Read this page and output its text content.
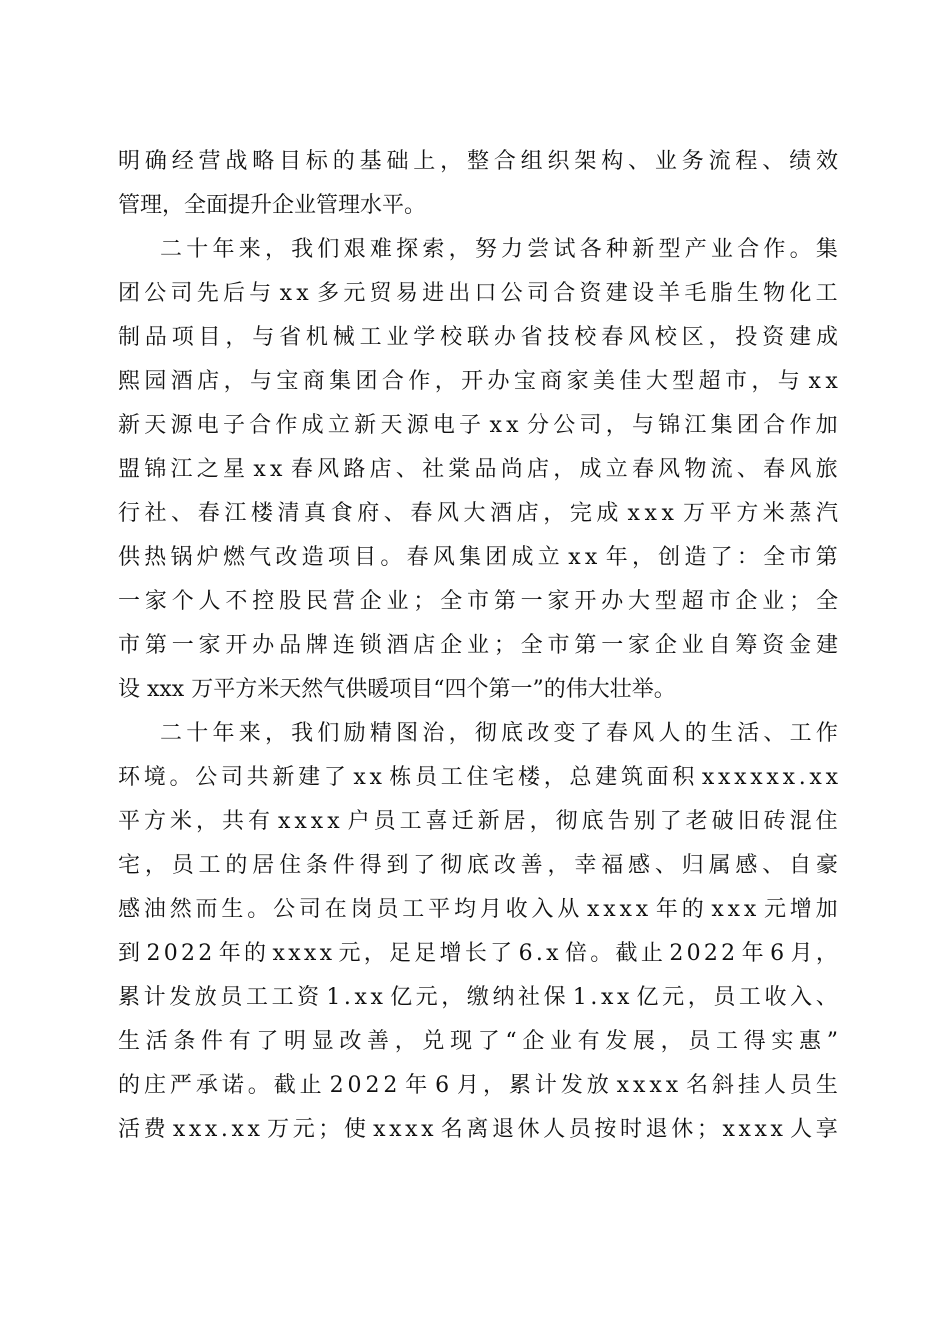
明 确 经 营 战 略 目 标 的 基 础 上 ， 整 合 组 织 架 构 、 业 务 流 程 、 绩 效
管理，全面提升企业管理水平。
二 十 年 来 ， 我 们 艰 难 探 索 ， 努 力 尝 试 各 种 新 型 产 业 合 作 。 集
团 公 司 先 后 与 x x 多 元 贸 易 进 出 口 公 司 合 资 建 设 羊 毛 脂 生 物 化 工
制 品 项 目 ， 与 省 机 械 工 业 学 校 联 办 省 技 校 春 风 校 区 ， 投 资 建 成
熙 园 酒 店 ， 与 宝 商 集 团 合 作 ， 开 办 宝 商 家 美 佳 大 型 超 市 ， 与 x x
新 天 源 电 子 合 作 成 立 新 天 源 电 子 x x 分 公 司 ， 与 锦 江 集 团 合 作 加
盟 锦 江 之 星 x x 春 风 路 店 、 社 棠 品 尚 店 ， 成 立 春 风 物 流 、 春 风 旅
行 社 、 春 江 楼 清 真 食 府 、 春 风 大 酒 店 ， 完 成 x x x 万 平 方 米 蒸 汽
供 热 锅 炉 燃 气 改 造 项 目 。 春 风 集 团 成 立 x x 年 ， 创 造 了 ： 全 市 第
一 家 个 人 不 控 股 民 营 企 业 ； 全 市 第 一 家 开 办 大 型 超 市 企 业 ； 全
市 第 一 家 开 办 品 牌 连 锁 酒 店 企 业 ； 全 市 第 一 家 企 业 自 筹 资 金 建
设 xxx 万平方米天然气供暖项目“四个第一”的伟大壮举。
二 十 年 来 ， 我 们 励 精 图 治 ， 彻 底 改 变 了 春 风 人 的 生 活 、 工 作
环 境 。 公 司 共 新 建 了 x x 栋 员 工 住 宅 楼 ， 总 建 筑 面 积 x x x x x x . x x
平 方 米 ， 共 有 x x x x 户 员 工 喜 迁 新 居 ， 彻 底 告 别 了 老 破 旧 砖 混 住
宅 ， 员 工 的 居 住 条 件 得 到 了 彻 底 改 善 ， 幸 福 感 、 归 属 感 、 自 豪
感 油 然 而 生 。 公 司 在 岗 员 工 平 均 月 收 入 从 x x x x 年 的 x x x 元 增 加
到 2 0 2 2 年 的 x x x x 元 ， 足 足 增 长 了 6 . x 倍 。 截 止 2 0 2 2 年 6 月 ，
累 计 发 放 员 工 工 资 1 . x x 亿 元 ， 缴 纳 社 保 1 . x x 亿 元 ， 员 工 收 入 、
生 活 条 件 有 了 明 显 改 善 ， 兑 现 了 “ 企 业 有 发 展 ， 员 工 得 实 惠 ”
的 庄 严 承 诺 。 截 止 2 0 2 2 年 6 月 ， 累 计 发 放 x x x x 名 斜 挂 人 员 生
活 费 x x x . x x 万 元 ； 使 x x x x 名 离 退 休 人 员 按 时 退 休 ； x x x x 人 享
